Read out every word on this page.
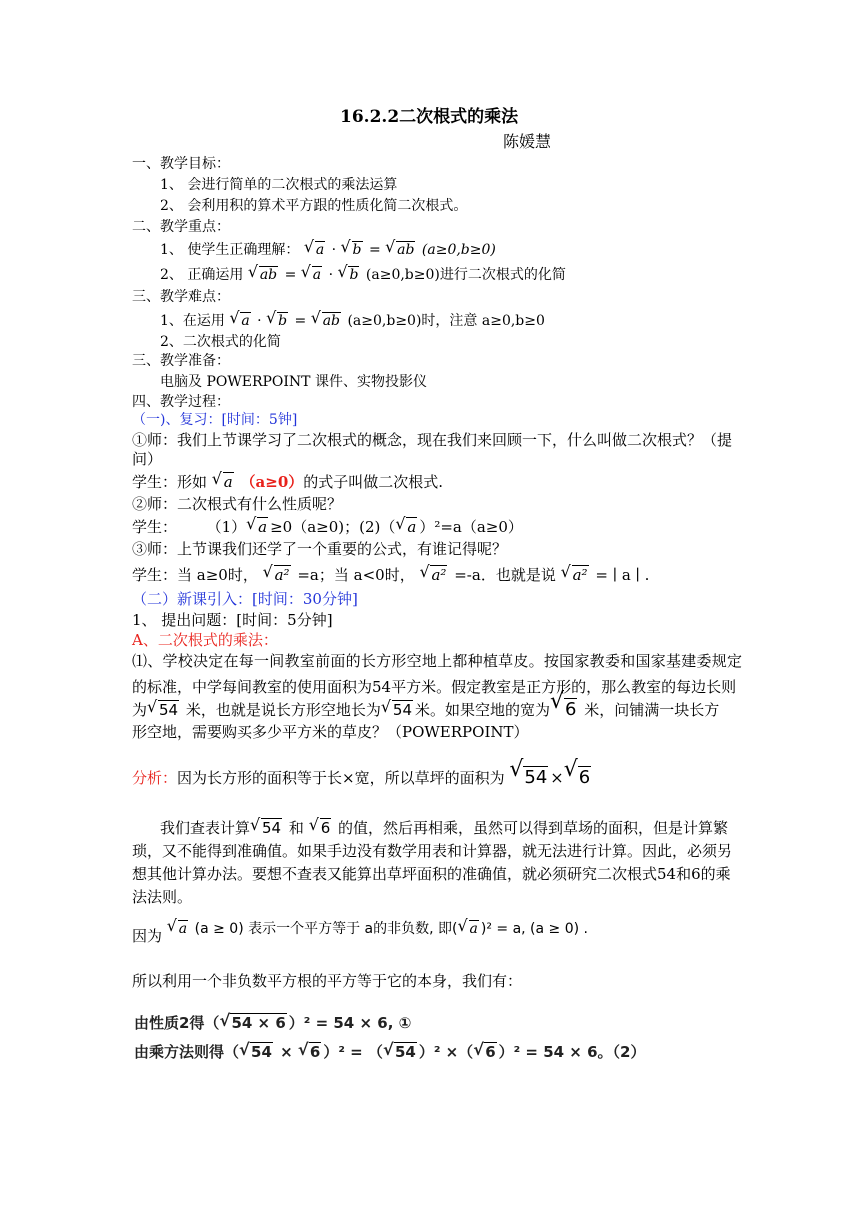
16.2.2二次根式的乘法
陈媛慧
一、教学目标：
1、 会进行简单的二次根式的乘法运算
2、 会利用积的算术平方跟的性质化简二次根式。
二、教学重点：
1、 使学生正确理解： √ a · √ b = √ ab (a≥0,b≥0)
2、 正确运用 √ ab = √ a · √ b (a≥0,b≥0)进行二次根式的化简
三、教学难点：
1、在运用 √ a · √ b = √ ab (a≥0,b≥0)时，注意 a≥0,b≥0
2、二次根式的化简
三、教学准备：
电脑及 POWERPOINT 课件、实物投影仪
四、教学过程：
（一)、复习：[时间：5钟]
①师：我们上节课学习了二次根式的概念，现在我们来回顾一下，什么叫做二次根式？（提
问）
学生：形如 √ a （a≥0）的式子叫做二次根式.
②师：二次根式有什么性质呢？
学生： （1） √ a ≥0（a≥0)；(2)（ √ a ）²=a（a≥0）
③师：上节课我们还学了一个重要的公式，有谁记得呢？
学生：当 a≥0时， √ a² =a；当 a<0时， √ a² =-a．也就是说 √ a² = ∣ a ∣ .
（二）新课引入：[时间：30分钟]
1、 提出问题：[时间：5分钟]
A、二次根式的乘法：
⑴、学校决定在每一间教室前面的长方形空地上都种植草皮。按国家教委和国家基建委规定的标准，中学每间教室的使用面积为54平方米。假定教室是正方形的，那么教室的每边长则
为 √ 54 米，也就是说长方形空地长为 √ 54 米。如果空地的宽为 √ 6 米，问铺满一块长方
形空地，需要购买多少平方米的草皮？（POWERPOINT）
分析：因为长方形的面积等于长×宽，所以草坪的面积为 √ 54 × √ 6
我们查表计算 √ 54 和 √ 6 的值，然后再相乘，虽然可以得到草场的面积，但是计算繁
琐，又不能得到准确值。如果手边没有数学用表和计算器，就无法进行计算。因此，必须另
想其他计算办法。要想不查表又能算出草坪面积的准确值，就必须研究二次根式54和6的乘
法法则。
因为 √ a (a ≥ 0) 表示一个平方等于 a的非负数, 即( √ a )² = a, (a ≥ 0) .
所以利用一个非负数平方根的平方等于它的本身，我们有：
由性质2得（ √ 54 × 6 ）² = 54 × 6, ①
由乘方法则得（ √ 54 × √ 6 ）² = （ √ 54 ）² ×（ √ 6 ）² = 54 × 6。（2）
